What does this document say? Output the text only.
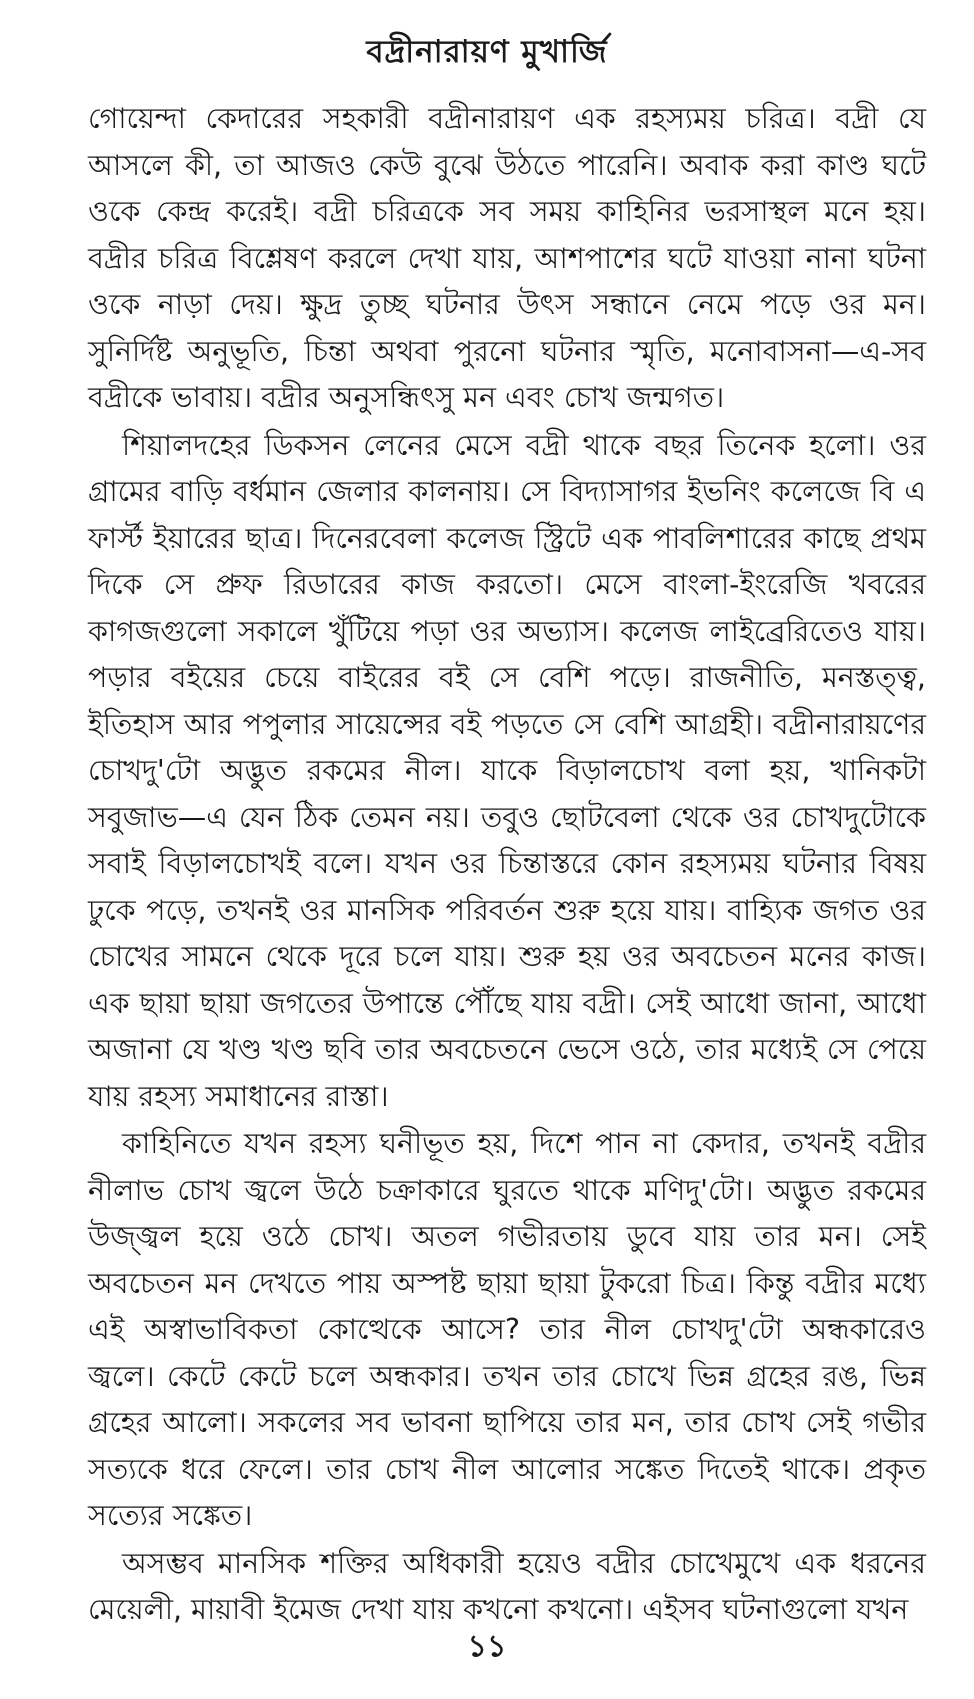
বদ্রীনারায়ণ মুখার্জি

গোয়েন্দা কেদারের সহকারী বদ্রীনারায়ণ এক রহস্যময় চরিত্র। বদ্রী যে আসলে কী, তা আজও কেউ বুঝে উঠতে পারেনি। অবাক করা কাণ্ড ঘটে ওকে কেন্দ্র করেই। বদ্রী চরিত্রকে সব সময় কাহিনির ভরসাস্থল মনে হয়। বদ্রীর চরিত্র বিশ্লেষণ করলে দেখা যায়, আশপাশের ঘটে যাওয়া নানা ঘটনা ওকে নাড়া দেয়। ক্ষুদ্র তুচ্ছ ঘটনার উৎস সন্ধানে নেমে পড়ে ওর মন। সুনির্দিষ্ট অনুভূতি, চিন্তা অথবা পুরনো ঘটনার স্মৃতি, মনোবাসনা—এ-সব বদ্রীকে ভাবায়। বদ্রীর অনুসন্ধিৎসু মন এবং চোখ জন্মগত।

শিয়ালদহের ডিকসন লেনের মেসে বদ্রী থাকে বছর তিনেক হলো। ওর গ্রামের বাড়ি বর্ধমান জেলার কালনায়। সে বিদ্যাসাগর ইভনিং কলেজে বি এ ফার্স্ট ইয়ারের ছাত্র। দিনেরবেলা কলেজ স্ট্রিটে এক পাবলিশারের কাছে প্রথম দিকে সে প্রুফ রিডারের কাজ করতো। মেসে বাংলা-ইংরেজি খবরের কাগজগুলো সকালে খুঁটিয়ে পড়া ওর অভ্যাস। কলেজ লাইব্রেরিতেও যায়। পড়ার বইয়ের চেয়ে বাইরের বই সে বেশি পড়ে। রাজনীতি, মনস্তত্ত্ব, ইতিহাস আর পপুলার সায়েন্সের বই পড়তে সে বেশি আগ্রহী। বদ্রীনারায়ণের চোখদু'টো অদ্ভুত রকমের নীল। যাকে বিড়ালচোখ বলা হয়, খানিকটা সবুজাভ—এ যেন ঠিক তেমন নয়। তবুও ছোটবেলা থেকে ওর চোখদুটোকে সবাই বিড়ালচোখই বলে। যখন ওর চিন্তাস্তরে কোন রহস্যময় ঘটনার বিষয় ঢুকে পড়ে, তখনই ওর মানসিক পরিবর্তন শুরু হয়ে যায়। বাহ্যিক জগত ওর চোখের সামনে থেকে দূরে চলে যায়। শুরু হয় ওর অবচেতন মনের কাজ। এক ছায়া ছায়া জগতের উপান্তে পৌঁছে যায় বদ্রী। সেই আধো জানা, আধো অজানা যে খণ্ড খণ্ড ছবি তার অবচেতনে ভেসে ওঠে, তার মধ্যেই সে পেয়ে যায় রহস্য সমাধানের রাস্তা।

কাহিনিতে যখন রহস্য ঘনীভূত হয়, দিশে পান না কেদার, তখনই বদ্রীর নীলাভ চোখ জ্বলে উঠে চক্রাকারে ঘুরতে থাকে মণিদু'টো। অদ্ভুত রকমের উজ্জ্বল হয়ে ওঠে চোখ। অতল গভীরতায় ডুবে যায় তার মন। সেই অবচেতন মন দেখতে পায় অস্পষ্ট ছায়া ছায়া টুকরো চিত্র। কিন্তু বদ্রীর মধ্যে এই অস্বাভাবিকতা কোত্থেকে আসে? তার নীল চোখদু'টো অন্ধকারেও জ্বলে। কেটে কেটে চলে অন্ধকার। তখন তার চোখে ভিন্ন গ্রহের রঙ, ভিন্ন গ্রহের আলো। সকলের সব ভাবনা ছাপিয়ে তার মন, তার চোখ সেই গভীর সত্যকে ধরে ফেলে। তার চোখ নীল আলোর সঙ্কেত দিতেই থাকে। প্রকৃত সত্যের সঙ্কেত।

অসম্ভব মানসিক শক্তির অধিকারী হয়েও বদ্রীর চোখেমুখে এক ধরনের মেয়েলী, মায়াবী ইমেজ দেখা যায় কখনো কখনো। এইসব ঘটনাগুলো যখন

১১
